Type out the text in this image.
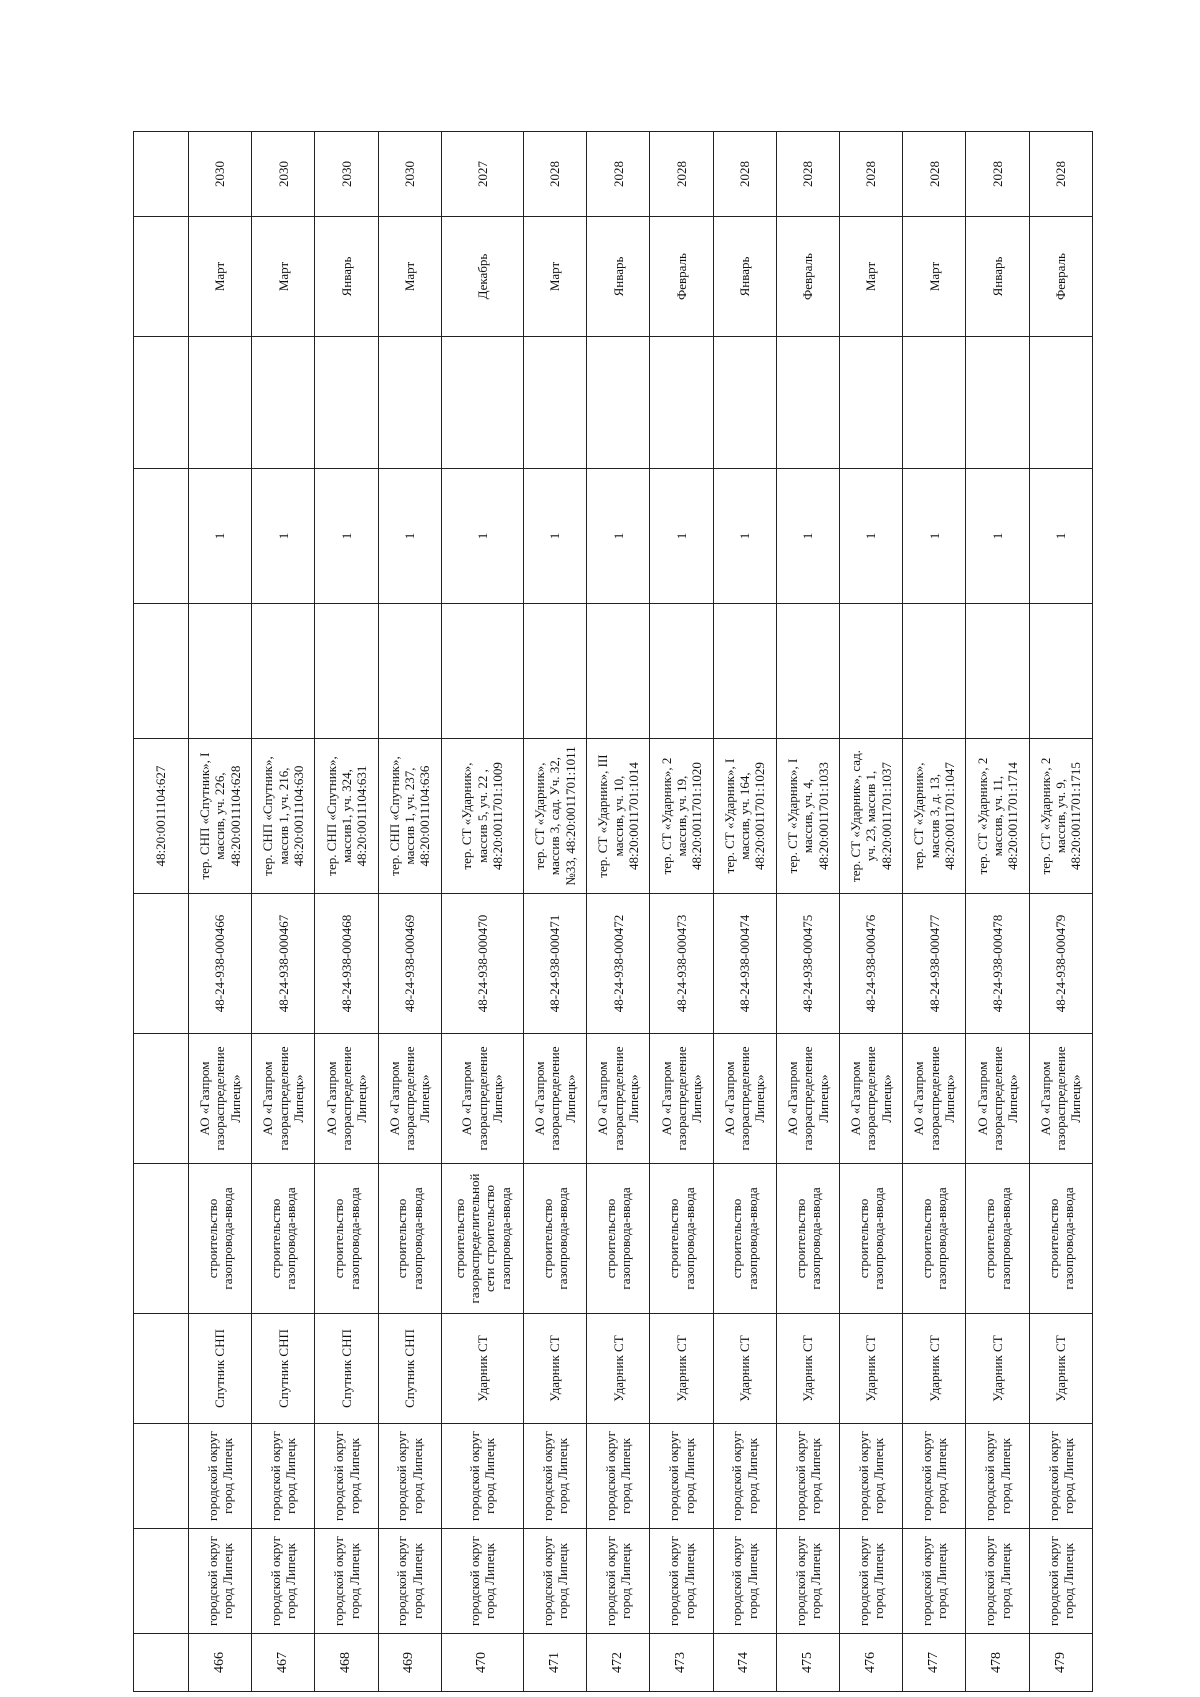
							48:20:0011104:627					
466	городской округ город Липецк	городской округ город Липецк	Спутник СНП	строительство газопровода-ввода	АО «Газпром газораспределение Липецк»	48-24-938-000466	тер. СНП «Спутник», I массив, уч. 226, 48:20:0011104:628		1		Март	2030
467	городской округ город Липецк	городской округ город Липецк	Спутник СНП	строительство газопровода-ввода	АО «Газпром газораспределение Липецк»	48-24-938-000467	тер. СНП «Спутник», массив 1, уч. 216, 48:20:0011104:630		1		Март	2030
468	городской округ город Липецк	городской округ город Липецк	Спутник СНП	строительство газопровода-ввода	АО «Газпром газораспределение Липецк»	48-24-938-000468	тер. СНП «Спутник», массив1, уч. 324, 48:20:0011104:631		1		Январь	2030
469	городской округ город Липецк	городской округ город Липецк	Спутник СНП	строительство газопровода-ввода	АО «Газпром газораспределение Липецк»	48-24-938-000469	тер. СНП «Спутник», массив 1, уч. 237, 48:20:0011104:636		1		Март	2030
470	городской округ город Липецк	городской округ город Липецк	Ударник СТ	строительство газораспределительной сети строительство газопровода-ввода	АО «Газпром газораспределение Липецк»	48-24-938-000470	тер. СТ «Ударник», массив 5, уч. 22 , 48:20:0011701:1009		1		Декабрь	2027
471	городской округ город Липецк	городской округ город Липецк	Ударник СТ	строительство газопровода-ввода	АО «Газпром газораспределение Липецк»	48-24-938-000471	тер. СТ «Ударник», массив 3, сад. Уч. 32, №33, 48:20:0011701:1011		1		Март	2028
472	городской округ город Липецк	городской округ город Липецк	Ударник СТ	строительство газопровода-ввода	АО «Газпром газораспределение Липецк»	48-24-938-000472	тер. СТ «Ударник», III массив, уч. 10, 48:20:0011701:1014		1		Январь	2028
473	городской округ город Липецк	городской округ город Липецк	Ударник СТ	строительство газопровода-ввода	АО «Газпром газораспределение Липецк»	48-24-938-000473	тер. СТ «Ударник», 2 массив, уч. 19, 48:20:0011701:1020		1		Февраль	2028
474	городской округ город Липецк	городской округ город Липецк	Ударник СТ	строительство газопровода-ввода	АО «Газпром газораспределение Липецк»	48-24-938-000474	тер. СТ «Ударник», I массив, уч. 164, 48:20:0011701:1029		1		Январь	2028
475	городской округ город Липецк	городской округ город Липецк	Ударник СТ	строительство газопровода-ввода	АО «Газпром газораспределение Липецк»	48-24-938-000475	тер. СТ «Ударник», I массив, уч. 4, 48:20:0011701:1033		1		Февраль	2028
476	городской округ город Липецк	городской округ город Липецк	Ударник СТ	строительство газопровода-ввода	АО «Газпром газораспределение Липецк»	48-24-938-000476	тер. СТ «Ударник», сад. уч. 23, массив 1, 48:20:0011701:1037		1		Март	2028
477	городской округ город Липецк	городской округ город Липецк	Ударник СТ	строительство газопровода-ввода	АО «Газпром газораспределение Липецк»	48-24-938-000477	тер. СТ «Ударник», массив 3, д. 13, 48:20:0011701:1047		1		Март	2028
478	городской округ город Липецк	городской округ город Липецк	Ударник СТ	строительство газопровода-ввода	АО «Газпром газораспределение Липецк»	48-24-938-000478	тер. СТ «Ударник», 2 массив, уч. 11, 48:20:0011701:1714		1		Январь	2028
479	городской округ город Липецк	городской округ город Липецк	Ударник СТ	строительство газопровода-ввода	АО «Газпром газораспределение Липецк»	48-24-938-000479	тер. СТ «Ударник», 2 массив, уч. 9, 48:20:0011701:1715		1		Февраль	2028
